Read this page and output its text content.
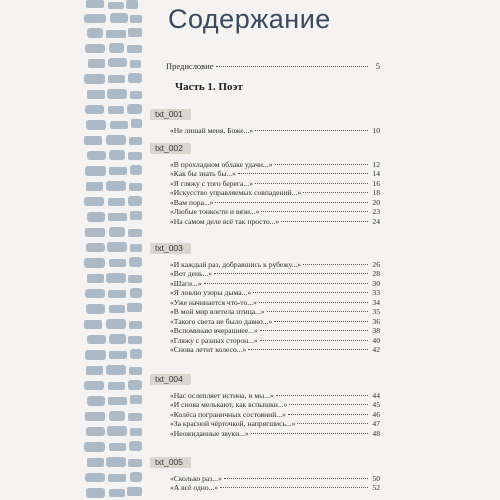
Содержание
Предисловие	5
Часть 1. Поэт
txt_001
«Не лишай меня, Боже...»	10
txt_002
«В прохладном облаке удачи...»	12
«Как бы знать бы...»	14
«Я гляжу с того берега...»	16
«Искусство управляемых совпадений...»	18
«Вам пора...»	20
«Любые тонкости и вязи...»	23
«На самом деле всё так просто...»	24
txt_003
«И каждый раз, добравшись к рубежу...»	26
«Вот день...»	28
«Шаги...»	30
«Я ловлю узоры дыма...»	33
«Уже начинается что-то...»	34
«В мой мир влетела птица...»	35
«Такого света не было давно...»	36
«Вспоминаю вчерашнее...»	38
«Гляжу с разных сторон...»	40
«Снова летит колесо...»	42
txt_004
«Нас ослепляет истина, и мы...»	44
«И снова мелькают, как вспышки...»	45
«Колёса пограничных состояний...»	46
«За красной чёрточкой, напрягшись...»	47
«Неожиданные звуки...»	48
txt_005
«Сколько раз...»	50
«А всё одно...»	52
